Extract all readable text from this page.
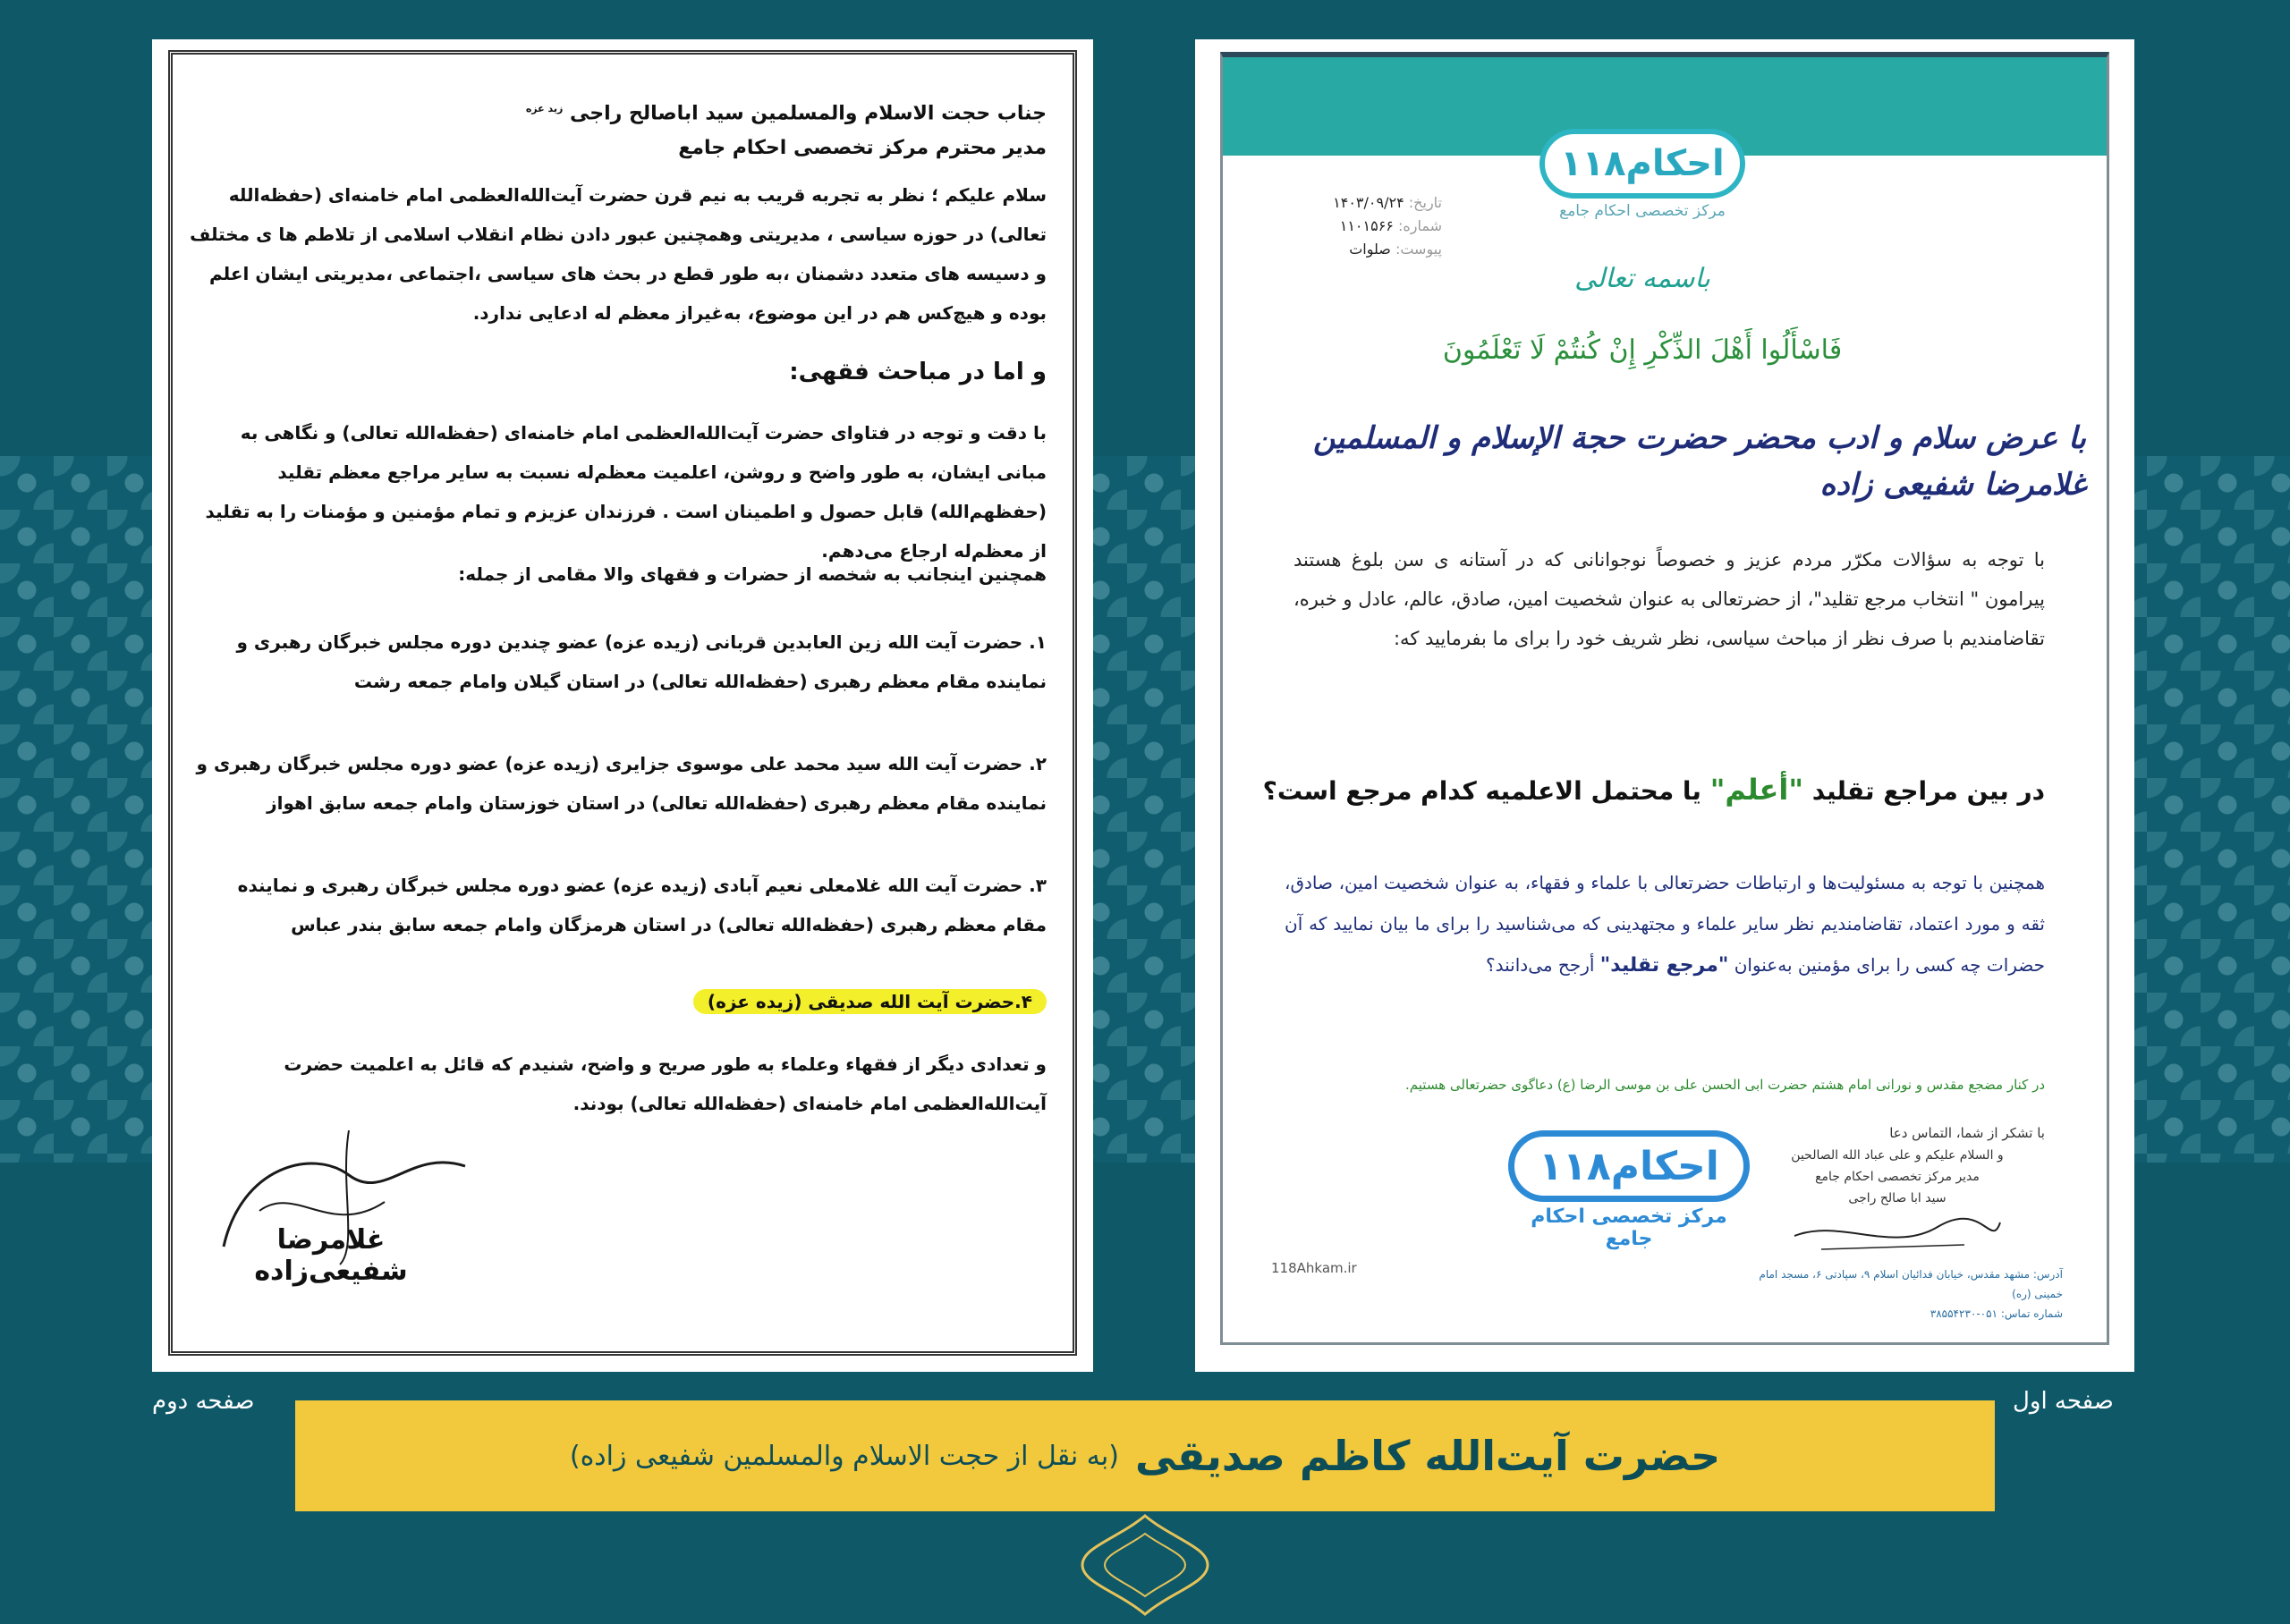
۱۱۸احکام
مرکز تخصصی احکام جامع
تاریخ: ۱۴۰۳/۰۹/۲۴
شماره: ۱۱۰۱۵۶۶
پیوست: صلوات
باسمه تعالی
فَاسْأَلُوا أَهْلَ الذِّكْرِ إِنْ كُنتُمْ لَا تَعْلَمُونَ
با عرض سلام و ادب محضر حضرت حجة الإسلام و المسلمین غلامرضا شفیعی زاده
با توجه به سؤالات مکرّر مردم عزیز و خصوصاً نوجوانانی که در آستانه ی سن بلوغ هستند پیرامون " انتخاب مرجع تقلید"، از حضرتعالی به عنوان شخصیت امین، صادق، عالم، عادل و خبره، تقاضامندیم با صرف نظر از مباحث سیاسی، نظر شریف خود را برای ما بفرمایید که:
در بین مراجع تقلید "أعلم" یا محتمل الاعلمیه کدام مرجع است؟
همچنین با توجه به مسئولیت‌ها و ارتباطات حضرتعالی با علماء و فقهاء، به عنوان شخصیت امین، صادق، ثقه و مورد اعتماد، تقاضامندیم نظر سایر علماء و مجتهدینی که می‌شناسید را برای ما بیان نمایید که آن حضرات چه کسی را برای مؤمنین به‌عنوان "مرجع تقلید" أرجح می‌دانند؟
در کنار مضجع مقدس و نورانی امام هشتم حضرت ابی الحسن علی بن موسی الرضا (ع) دعاگوی حضرتعالی هستیم.
با تشکر از شما، التماس دعا
۱۱۸احکام
مرکز تخصصی احکام جامع
و السلام علیکم و علی عباد الله الصالحین
مدیر مرکز تخصصی احکام جامع
سید ابا صالح راجی
118Ahkam.ir	آدرس: مشهد مقدس، خیابان فدائیان اسلام ۹، سپادتی ۶، مسجد امام خمینی (ره)
شماره تماس: ۰۵۱-۳۸۵۵۴۲۳۰
جناب حجت الاسلام والمسلمین سید اباصالح راجی $^{زید عزه}$
مدیر محترم مرکز تخصصی احکام جامع
سلام علیکم ؛ نظر به تجربه قریب به نیم قرن حضرت آیت‌الله‌العظمی امام خامنه‌ای (حفظه‌الله تعالی) در حوزه سیاسی ، مدیریتی وهمچنین عبور دادن نظام انقلاب اسلامی از تلاطم ها ی مختلف و دسیسه های متعدد دشمنان ،به طور قطع در بحث های سیاسی ،اجتماعی ،مدیریتی ایشان اعلم بوده و هیچ‌کس هم در این موضوع، به‌غیراز معظم له ادعایی ندارد.
و اما در مباحث فقهی:
با دقت و توجه در فتاوای حضرت آیت‌الله‌العظمی امام خامنه‌ای (حفظه‌الله تعالی) و نگاهی به مبانی ایشان، به طور واضح و روشن، اعلمیت معظم‌له نسبت به سایر مراجع معظم تقلید (حفظهم‌الله) قابل حصول و اطمینان است . فرزندان عزیزم و تمام مؤمنین و مؤمنات را به تقلید از معظم‌له ارجاع می‌دهم.
همچنین اینجانب به شخصه از حضرات و فقهای والا مقامی از جمله:
۱. حضرت آیت الله زین العابدین قربانی (زیده عزه) عضو چندین دوره مجلس خبرگان رهبری و نماینده مقام معظم رهبری (حفظه‌الله تعالی) در استان گیلان وامام جمعه رشت
۲. حضرت آیت الله سید محمد علی موسوی جزایری (زیده عزه) عضو دوره مجلس خبرگان رهبری و نماینده مقام معظم رهبری (حفظه‌الله تعالی) در استان خوزستان وامام جمعه سابق اهواز
۳. حضرت آیت الله غلامعلی نعیم آبادی (زیده عزه) عضو دوره مجلس خبرگان رهبری و نماینده مقام معظم رهبری (حفظه‌الله تعالی) در استان هرمزگان وامام جمعه سابق بندر عباس
۴.حضرت آیت الله صدیقی (زیده عزه)
و تعدادی دیگر از فقهاء وعلماء به طور صریح و واضح، شنیدم که قائل به اعلمیت حضرت آیت‌الله‌العظمی امام خامنه‌ای (حفظه‌الله تعالی) بودند.
غلامرضا شفیعی‌زاده
صفحه اول
صفحه دوم
حضرت آیت‌الله کاظم صدیقی
(به نقل از حجت الاسلام والمسلمین شفیعی زاده)
